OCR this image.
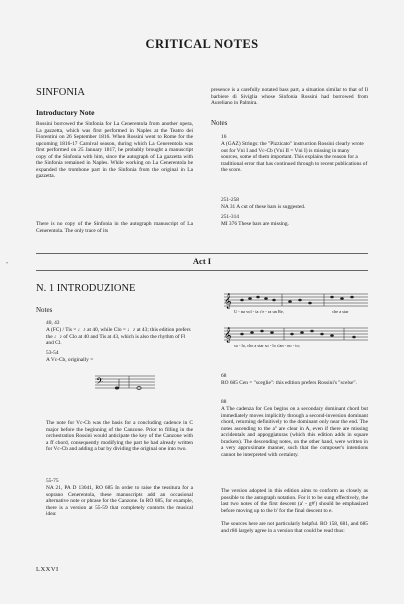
CRITICAL NOTES
SINFONIA
Introductory Note
Rossini borrowed the Sinfonia for La Cenerentola from another opera, La gazzetta, which was first performed in Naples at the Teatro dei Fiorentini on 26 September 1816. When Rossini went to Rome for the upcoming 1816-17 Carnival season, during which La Cenerentola was first performed on 25 January 1817, he probably brought a manuscript copy of the Sinfonia with him, since the autograph of La gazzetta with the Sinfonia remained in Naples. While working on La Cenerentola he expanded the trombone part in the Sinfonia from the original in La gazzetta.
There is no copy of the Sinfonia in the autograph manuscript of La Cenerentola. The only trace of its
presence is a carefully notated bass part, a situation similar to that of Il barbiere di Siviglia whose Sinfonia Rossini had borrowed from Aureliano in Palmira.
Notes
16
A (GAZ) Strings: the "Pizzicato" instruction Rossini clearly wrote out for Vni I and Vc-Cb (Vni II = Vni I) is missing in many sources, some of them important. This explains the reason for a traditional error that has continued through to recent publications of the score.
251-258
NA 31 A cut of these bars is suggested.
251-314
MI 376 These bars are missing.
Act I
N. 1 INTRODUZIONE
Notes
40, 43
A (FC) / Tis = ♩♪ at 40, while Clo = ♩♪ at 43; this edition prefers the ♩♪ of Clo at 40 and Tis at 43, which is also the rhythm of Fl and Cl.
53-54
A Vc-Cb, originally =
𝄢
The note for Vc-Cb was the basis for a concluding cadence in C major before the beginning of the Canzone. Prior to filling in the orchestration Rossini would anticipate the key of the Canzone with a ff chord, consequently modifying the part he had already written for Vc-Cb and adding a bar by dividing the original one into two.
55-75
NA 21, PA D 13041, RO 685 In order to raise the tessitura for a soprano Cenerentola, these manuscripts add an occasional alternative note or phrase for the Canzone. In RO 685, for example, there is a version at 55-59 that completely contorts the musical idea:
𝄞
𝄞
U - na vol - ta c'e - ra un Re,	che a star
so - lo, che a star so - lo s'an - no - io;
68
RO 685 Cen = "sceglie": this edition prefers Rossini's "scelse".
88
A The cadenza for Cen begins on a secondary dominant chord but immediately moves implicitly through a second-inversion dominant chord, returning definitively to the dominant only near the end. The notes ascending to the a'' are clear in A, even if there are missing accidentals and appoggiaturas (which this edition adds in square brackets). The descending notes, on the other hand, were written in a very approximate manner, such that the composer's intentions cannot be interpreted with certainty.
The version adopted in this edition aims to conform as closely as possible to the autograph notation. For it to be sung effectively, the last two notes of the first descent (a' - g#') should be emphasized before moving up to the b' for the final descent to e.
The sources here are not particularly helpful. RO 158, 681, and 685 and r86 largely agree in a version that could be read thus:
LXXVI
•
